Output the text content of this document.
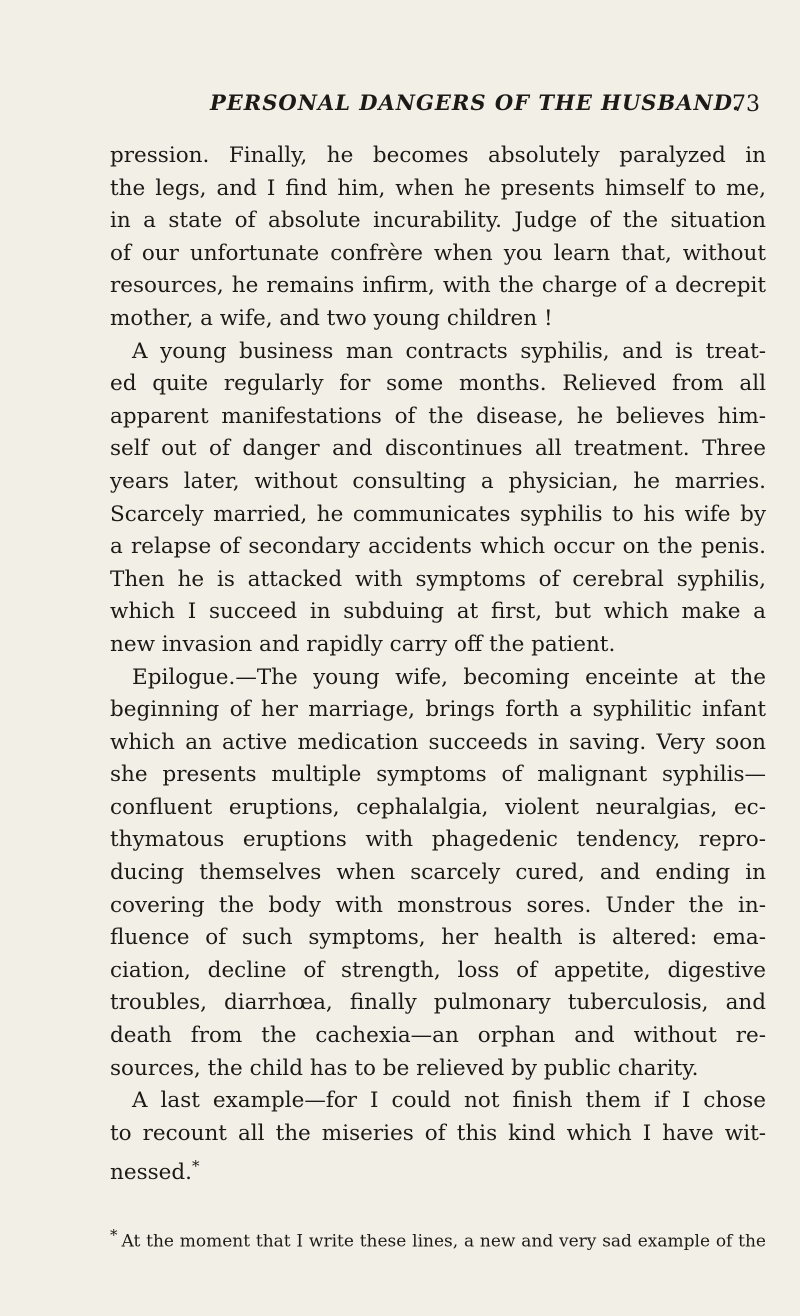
PERSONAL DANGERS OF THE HUSBAND.
73
pression. Finally, he becomes absolutely paralyzed in
the legs, and I find him, when he presents himself to me,
in a state of absolute incurability. Judge of the situation
of our unfortunate confrère when you learn that, without
resources, he remains infirm, with the charge of a decrepit
mother, a wife, and two young children !
A young business man contracts syphilis, and is treat-
ed quite regularly for some months. Relieved from all
apparent manifestations of the disease, he believes him-
self out of danger and discontinues all treatment. Three
years later, without consulting a physician, he marries.
Scarcely married, he communicates syphilis to his wife by
a relapse of secondary accidents which occur on the penis.
Then he is attacked with symptoms of cerebral syphilis,
which I succeed in subduing at first, but which make a
new invasion and rapidly carry off the patient.
Epilogue.—The young wife, becoming enceinte at the
beginning of her marriage, brings forth a syphilitic infant
which an active medication succeeds in saving. Very soon
she presents multiple symptoms of malignant syphilis—
confluent eruptions, cephalalgia, violent neuralgias, ec-
thymatous eruptions with phagedenic tendency, repro-
ducing themselves when scarcely cured, and ending in
covering the body with monstrous sores. Under the in-
fluence of such symptoms, her health is altered: ema-
ciation, decline of strength, loss of appetite, digestive
troubles, diarrhœa, finally pulmonary tuberculosis, and
death from the cachexia—an orphan and without re-
sources, the child has to be relieved by public charity.
A last example—for I could not finish them if I chose
to recount all the miseries of this kind which I have wit-
nessed.*
* At the moment that I write these lines, a new and very sad example of the
